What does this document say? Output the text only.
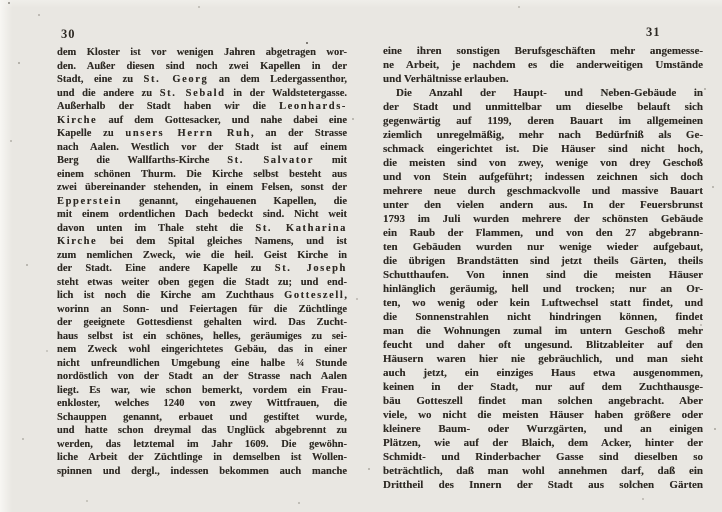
30	31
dem Kloster ist vor wenigen Jahren abgetragen wor-
den. Außer diesen sind noch zwei Kapellen in der
Stadt, eine zu St. Georg an dem Ledergassenthor,
und die andere zu St. Sebald in der Waldstetergasse.
Außerhalb der Stadt haben wir die Leonhards-
Kirche auf dem Gottesacker, und nahe dabei eine
Kapelle zu unsers Herrn Ruh, an der Strasse
nach Aalen. Westlich vor der Stadt ist auf einem
Berg die Wallfarths-Kirche St. Salvator mit
einem schönen Thurm. Die Kirche selbst besteht aus
zwei übereinander stehenden, in einem Felsen, sonst der
Epperstein genannt, eingehauenen Kapellen, die
mit einem ordentlichen Dach bedeckt sind. Nicht weit
davon unten im Thale steht die St. Katharina
Kirche bei dem Spital gleiches Namens, und ist
zum nemlichen Zweck, wie die heil. Geist Kirche in
der Stadt. Eine andere Kapelle zu St. Joseph
steht etwas weiter oben gegen die Stadt zu; und end-
lich ist noch die Kirche am Zuchthaus Gotteszell,
worinn an Sonn- und Feiertagen für die Züchtlinge
der geeignete Gottesdienst gehalten wird. Das Zucht-
haus selbst ist ein schönes, helles, geräumiges zu sei-
nem Zweck wohl eingerichtetes Gebäu, das in einer
nicht unfreundlichen Umgebung eine halbe ¼ Stunde
nordöstlich von der Stadt an der Strasse nach Aalen
liegt. Es war, wie schon bemerkt, vordem ein Frau-
enkloster, welches 1240 von zwey Wittfrauen, die
Schauppen genannt, erbauet und gestiftet wurde,
und hatte schon dreymal das Unglück abgebrennt zu
werden, das letztemal im Jahr 1609. Die gewöhn-
liche Arbeit der Züchtlinge in demselben ist Wollen-
spinnen und dergl., indessen bekommen auch manche
eine ihren sonstigen Berufsgeschäften mehr angemesse-
ne Arbeit, je nachdem es die anderweitigen Umstände
und Verhältnisse erlauben.
Die Anzahl der Haupt- und Neben-Gebäude in
der Stadt und unmittelbar um dieselbe belauft sich
gegenwärtig auf 1199, deren Bauart im allgemeinen
ziemlich unregelmäßig, mehr nach Bedürfniß als Ge-
schmack eingerichtet ist. Die Häuser sind nicht hoch,
die meisten sind von zwey, wenige von drey Geschoß
und von Stein aufgeführt; indessen zeichnen sich doch
mehrere neue durch geschmackvolle und massive Bauart
unter den vielen andern aus. In der Feuersbrunst
1793 im Juli wurden mehrere der schönsten Gebäude
ein Raub der Flammen, und von den 27 abgebrann-
ten Gebäuden wurden nur wenige wieder aufgebaut,
die übrigen Brandstätten sind jetzt theils Gärten, theils
Schutthaufen. Von innen sind die meisten Häuser
hinlänglich geräumig, hell und trocken; nur an Or-
ten, wo wenig oder kein Luftwechsel statt findet, und
die Sonnenstrahlen nicht hindringen können, findet
man die Wohnungen zumal im untern Geschoß mehr
feucht und daher oft ungesund. Blitzableiter auf den
Häusern waren hier nie gebräuchlich, und man sieht
auch jetzt, ein einziges Haus etwa ausgenommen,
keinen in der Stadt, nur auf dem Zuchthausge-
bäu Gotteszell findet man solchen angebracht. Aber
viele, wo nicht die meisten Häuser haben größere oder
kleinere Baum- oder Wurzgärten, und an einigen
Plätzen, wie auf der Blaich, dem Acker, hinter der
Schmidt- und Rinderbacher Gasse sind dieselben so
beträchtlich, daß man wohl annehmen darf, daß ein
Drittheil des Innern der Stadt aus solchen Gärten
